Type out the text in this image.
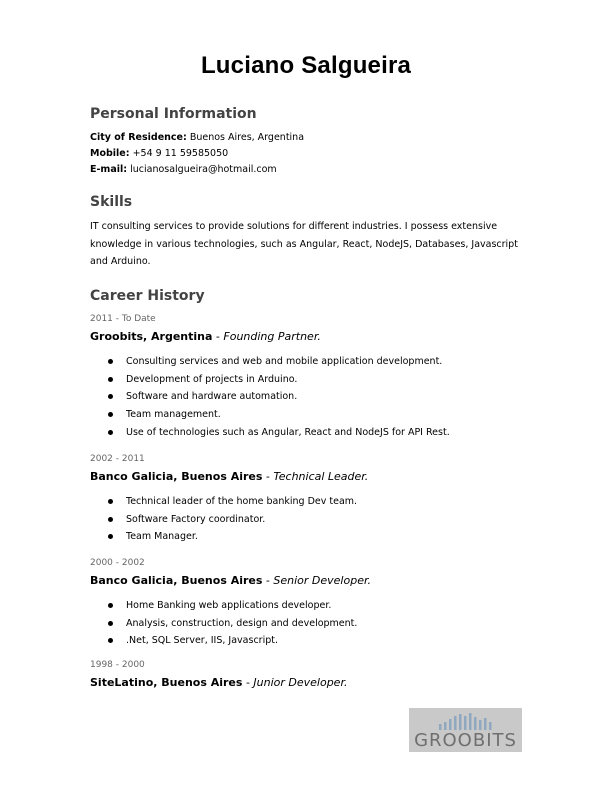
Luciano Salgueira
Personal Information
City of Residence: Buenos Aires, Argentina
Mobile: +54 9 11 59585050
E-mail: lucianosalgueira@hotmail.com
Skills
IT consulting services to provide solutions for different industries. I possess extensive knowledge in various technologies, such as Angular, React, NodeJS, Databases, Javascript and Arduino.
Career History
2011 - To Date
Groobits, Argentina - Founding Partner.
Consulting services and web and mobile application development.
Development of projects in Arduino.
Software and hardware automation.
Team management.
Use of technologies such as Angular, React and NodeJS for API Rest.
2002 - 2011
Banco Galicia, Buenos Aires - Technical Leader.
Technical leader of the home banking Dev team.
Software Factory coordinator.
Team Manager.
2000 - 2002
Banco Galicia, Buenos Aires - Senior Developer.
Home Banking web applications developer.
Analysis, construction, design and development.
.Net, SQL Server, IIS, Javascript.
1998 - 2000
SiteLatino, Buenos Aires - Junior Developer.
GROOBITS
